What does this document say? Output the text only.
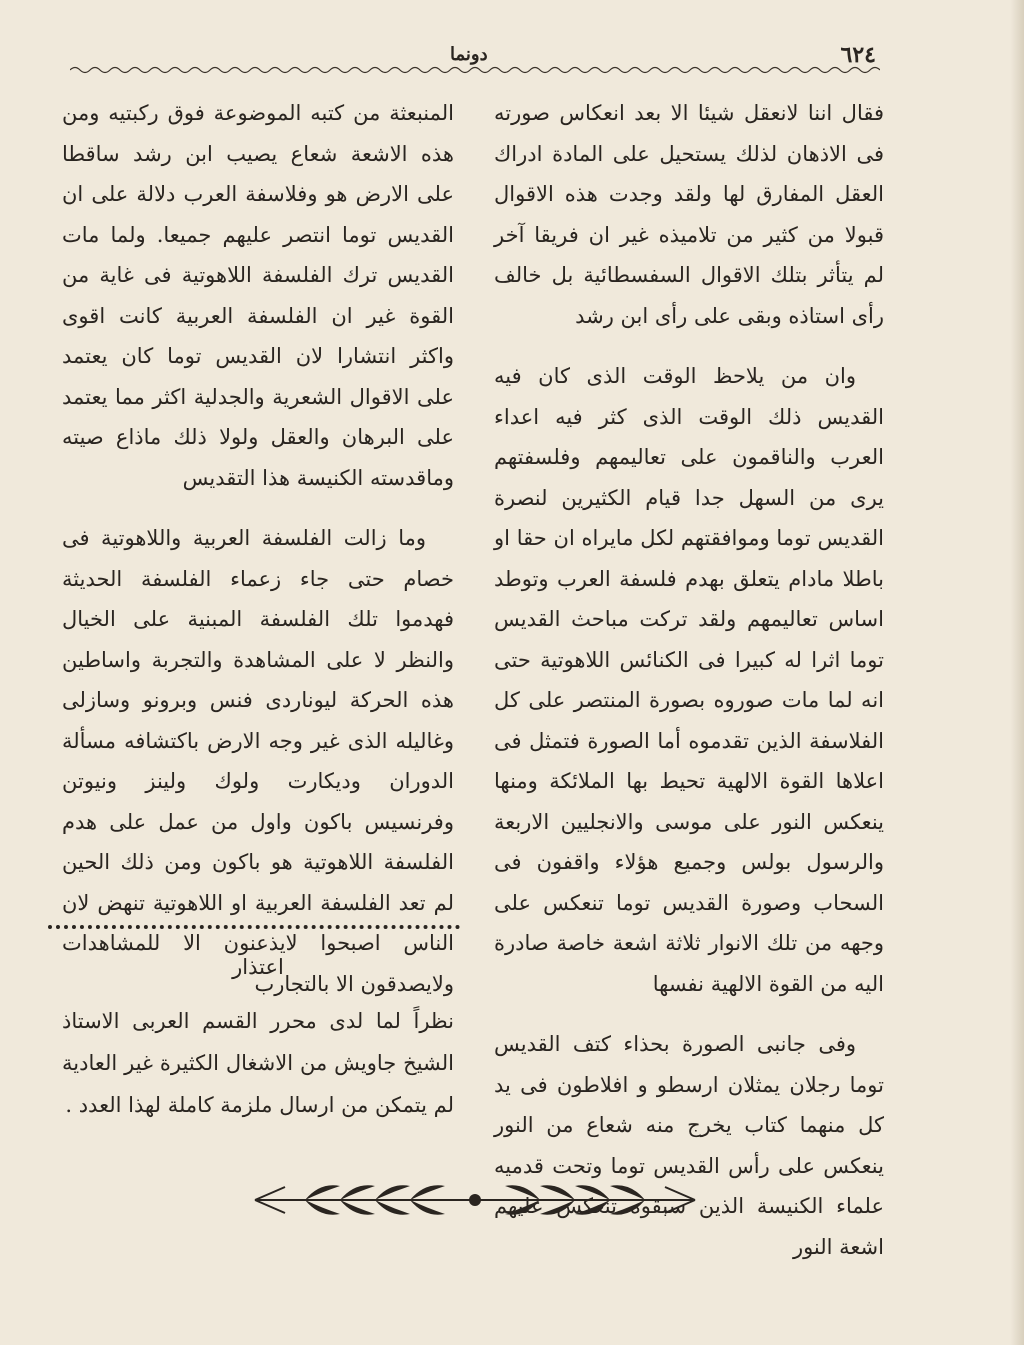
٦٢٤
دونما

فقال اننا لانعقل شيئا الا بعد انعكاس صورته فى الاذهان لذلك يستحيل على المادة ادراك العقل المفارق لها ولقد وجدت هذه الاقوال قبولا من كثير من تلاميذه غير ان فريقا آخر لم يتأثر بتلك الاقوال السفسطائية بل خالف رأى استاذه وبقى على رأى ابن رشد

وان من يلاحظ الوقت الذى كان فيه القديس ذلك الوقت الذى كثر فيه اعداء العرب والناقمون على تعاليمهم وفلسفتهم يرى من السهل جدا قيام الكثيرين لنصرة القديس توما وموافقتهم لكل مايراه ان حقا او باطلا مادام يتعلق بهدم فلسفة العرب وتوطد اساس تعاليمهم ولقد تركت مباحث القديس توما اثرا له كبيرا فى الكنائس اللاهوتية حتى انه لما مات صوروه بصورة المنتصر على كل الفلاسفة الذين تقدموه أما الصورة فتمثل فى اعلاها القوة الالهية تحيط بها الملائكة ومنها ينعكس النور على موسى والانجليين الاربعة والرسول بولس وجميع هؤلاء واقفون فى السحاب وصورة القديس توما تنعكس على وجهه من تلك الانوار ثلاثة اشعة خاصة صادرة اليه من القوة الالهية نفسها

وفى جانبى الصورة بحذاء كتف القديس توما رجلان يمثلان ارسطو و افلاطون فى يد كل منهما كتاب يخرج منه شعاع من النور ينعكس على رأس القديس توما وتحت قدميه علماء الكنيسة الذين سبقوه تنعكس عليهم اشعة النور

المنبعثة من كتبه الموضوعة فوق ركبتيه ومن هذه الاشعة شعاع يصيب ابن رشد ساقطا على الارض هو وفلاسفة العرب دلالة على ان القديس توما انتصر عليهم جميعا. ولما مات القديس ترك الفلسفة اللاهوتية فى غاية من القوة غير ان الفلسفة العربية كانت اقوى واكثر انتشارا لان القديس توما كان يعتمد على الاقوال الشعرية والجدلية اكثر مما يعتمد على البرهان والعقل ولولا ذلك ماذاع صيته وماقدسته الكنيسة هذا التقديس

وما زالت الفلسفة العربية واللاهوتية فى خصام حتى جاء زعماء الفلسفة الحديثة فهدموا تلك الفلسفة المبنية على الخيال والنظر لا على المشاهدة والتجربة واساطين هذه الحركة ليوناردى فنس وبرونو وسازلى وغاليله الذى غير وجه الارض باكتشافه مسألة الدوران وديكارت ولوك ولينز ونيوتن وفرنسيس باكون واول من عمل على هدم الفلسفة اللاهوتية هو باكون ومن ذلك الحين لم تعد الفلسفة العربية او اللاهوتية تنهض لان الناس اصبحوا لايذعنون الا للمشاهدات ولايصدقون الا بالتجارب

اعتذار
نظراً لما لدى محرر القسم العربى الاستاذ الشيخ جاويش من الاشغال الكثيرة غير العادية لم يتمكن من ارسال ملزمة كاملة لهذا العدد .
